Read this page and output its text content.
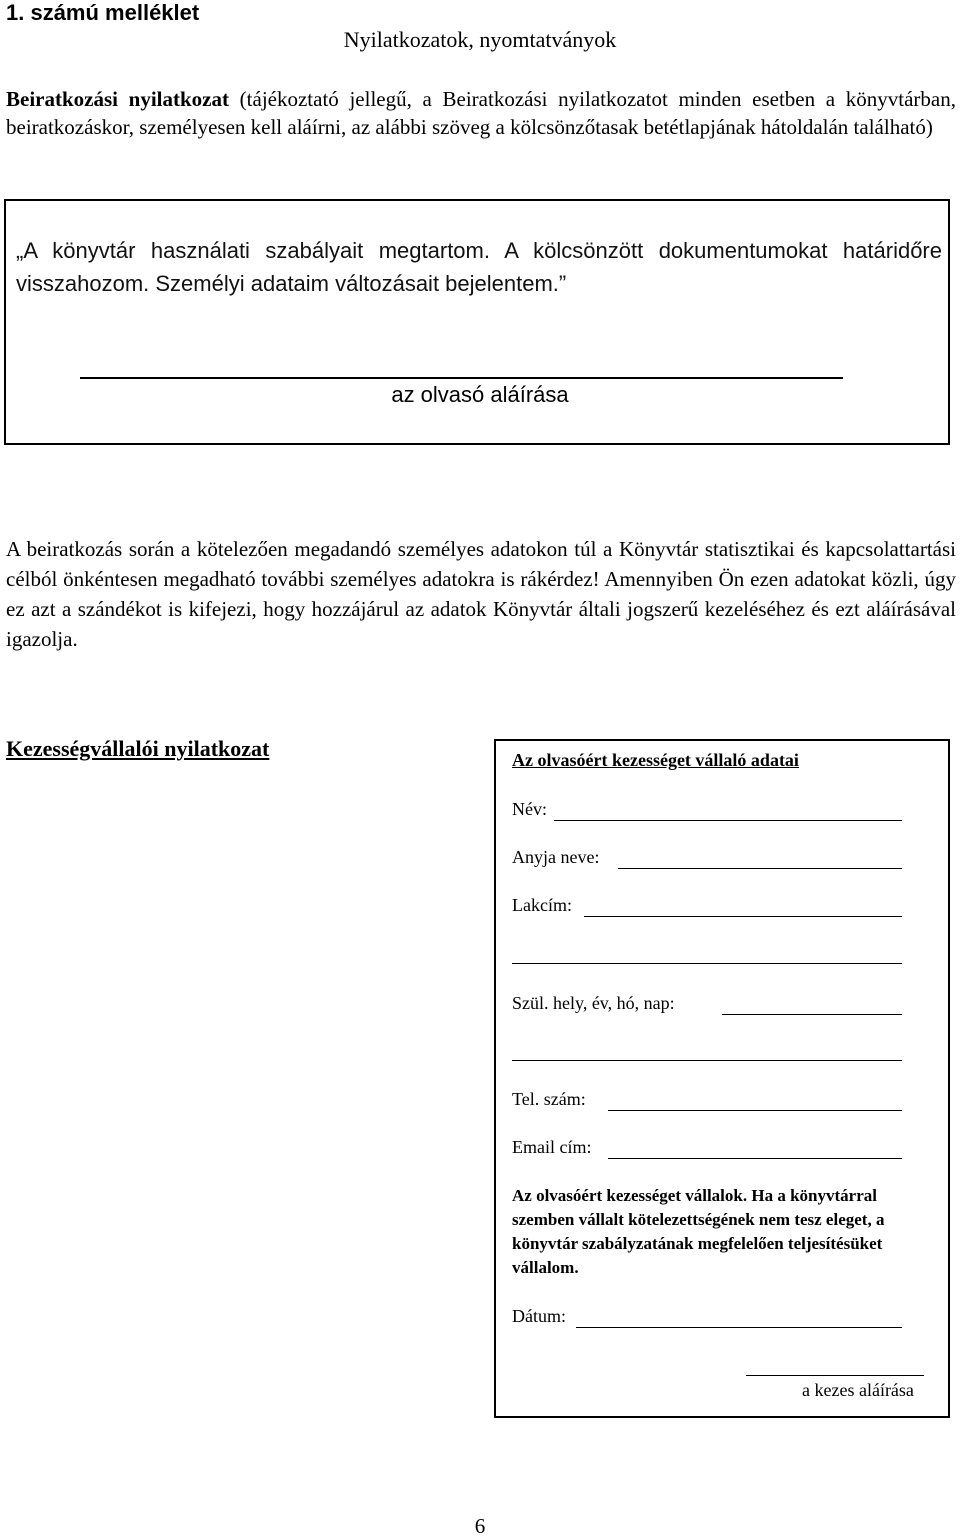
1. számú melléklet
Nyilatkozatok, nyomtatványok
Beiratkozási nyilatkozat (tájékoztató jellegű, a Beiratkozási nyilatkozatot minden esetben a könyvtárban, beiratkozáskor, személyesen kell aláírni, az alábbi szöveg a kölcsönzőtasak betétlapjának hátoldalán található)
„A könyvtár használati szabályait megtartom. A kölcsönzött dokumentumokat határidőre visszahozom. Személyi adataim változásait bejelentem.”
az olvasó aláírása
A beiratkozás során a kötelezően megadandó személyes adatokon túl a Könyvtár statisztikai és kapcsolattartási célból önkéntesen megadható további személyes adatokra is rákérdez! Amennyiben Ön ezen adatokat közli, úgy ez azt a szándékot is kifejezi, hogy hozzájárul az adatok Könyvtár általi jogszerű kezeléséhez és ezt aláírásával igazolja.
Kezességvállalói nyilatkozat	Az olvasóért kezességet vállaló adatai
Név:
Anyja neve:
Lakcím:
Szül. hely, év, hó, nap:
Tel. szám:
Email cím:
Az olvasóért kezességet vállalok. Ha a könyvtárral szemben vállalt kötelezettségének nem tesz eleget, a könyvtár szabályzatának megfelelően teljesítésüket vállalom.
Dátum:
a kezes aláírása
6
